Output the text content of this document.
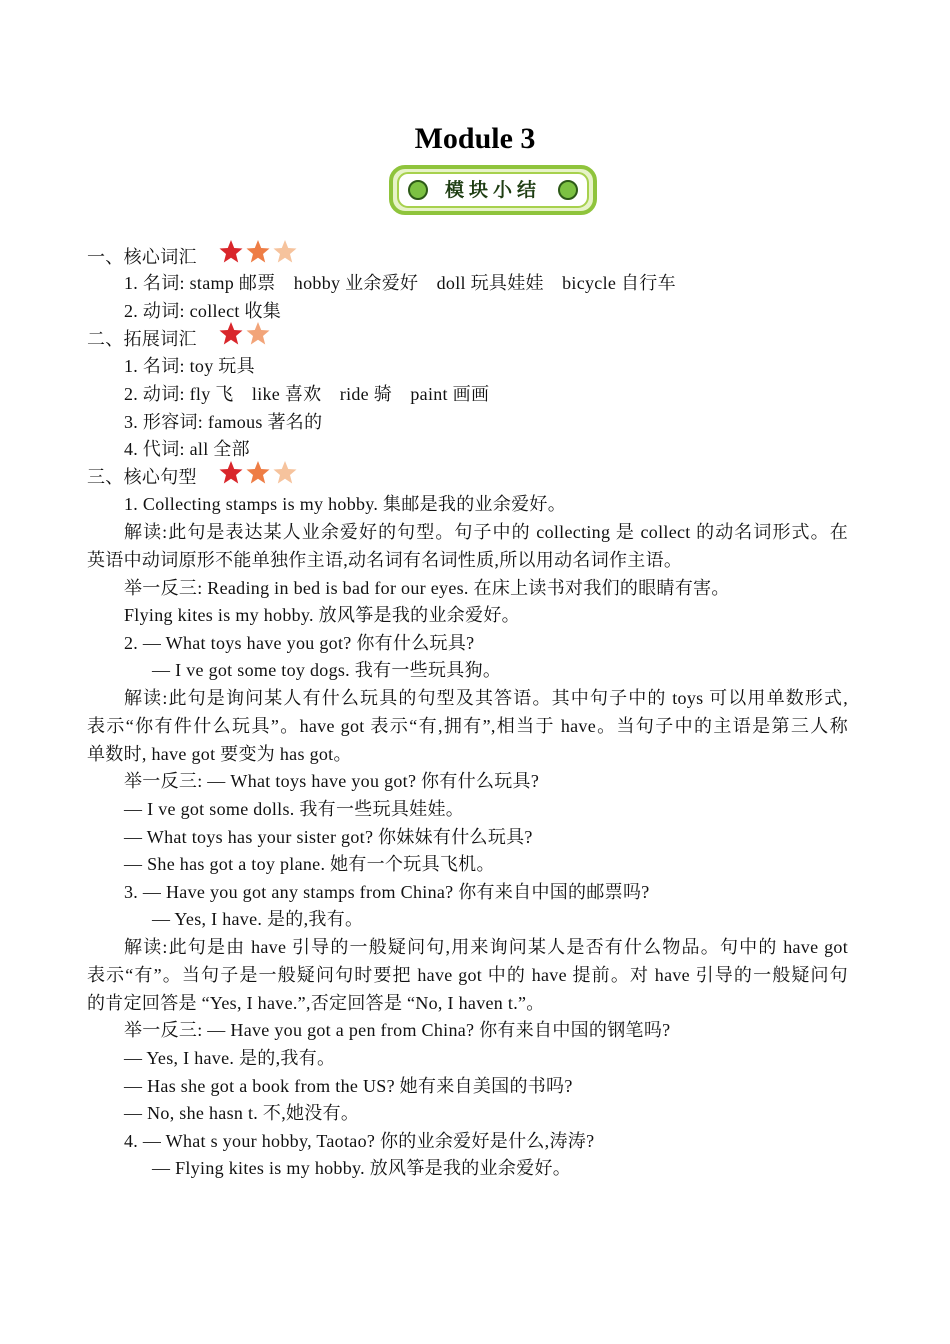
Module 3
模块小结
一、核心词汇
1. 名词: stamp 邮票　hobby 业余爱好　doll 玩具娃娃　bicycle 自行车
2. 动词: collect 收集
二、拓展词汇
1. 名词: toy 玩具
2. 动词: fly 飞　like 喜欢　ride 骑　paint 画画
3. 形容词: famous 著名的
4. 代词: all 全部
三、核心句型
1. Collecting stamps is my hobby. 集邮是我的业余爱好。
解读:此句是表达某人业余爱好的句型。句子中的 collecting 是 collect 的动名词形式。在
英语中动词原形不能单独作主语,动名词有名词性质,所以用动名词作主语。
举一反三: Reading in bed is bad for our eyes. 在床上读书对我们的眼睛有害。
Flying kites is my hobby. 放风筝是我的业余爱好。
2. — What toys have you got? 你有什么玩具?
— I ve got some toy dogs. 我有一些玩具狗。
解读:此句是询问某人有什么玩具的句型及其答语。其中句子中的 toys 可以用单数形式,
表示“你有件什么玩具”。have got 表示“有,拥有”,相当于 have。当句子中的主语是第三人称
单数时, have got 要变为 has got。
举一反三: — What toys have you got? 你有什么玩具?
— I ve got some dolls. 我有一些玩具娃娃。
— What toys has your sister got? 你妹妹有什么玩具?
— She has got a toy plane. 她有一个玩具飞机。
3. — Have you got any stamps from China? 你有来自中国的邮票吗?
— Yes, I have. 是的,我有。
解读:此句是由 have 引导的一般疑问句,用来询问某人是否有什么物品。句中的 have got
表示“有”。当句子是一般疑问句时要把 have got 中的 have 提前。对 have 引导的一般疑问句
的肯定回答是 “Yes, I have.”,否定回答是 “No, I haven t.”。
举一反三: — Have you got a pen from China? 你有来自中国的钢笔吗?
— Yes, I have. 是的,我有。
— Has she got a book from the US? 她有来自美国的书吗?
— No, she hasn t. 不,她没有。
4. — What s your hobby, Taotao? 你的业余爱好是什么,涛涛?
— Flying kites is my hobby. 放风筝是我的业余爱好。
